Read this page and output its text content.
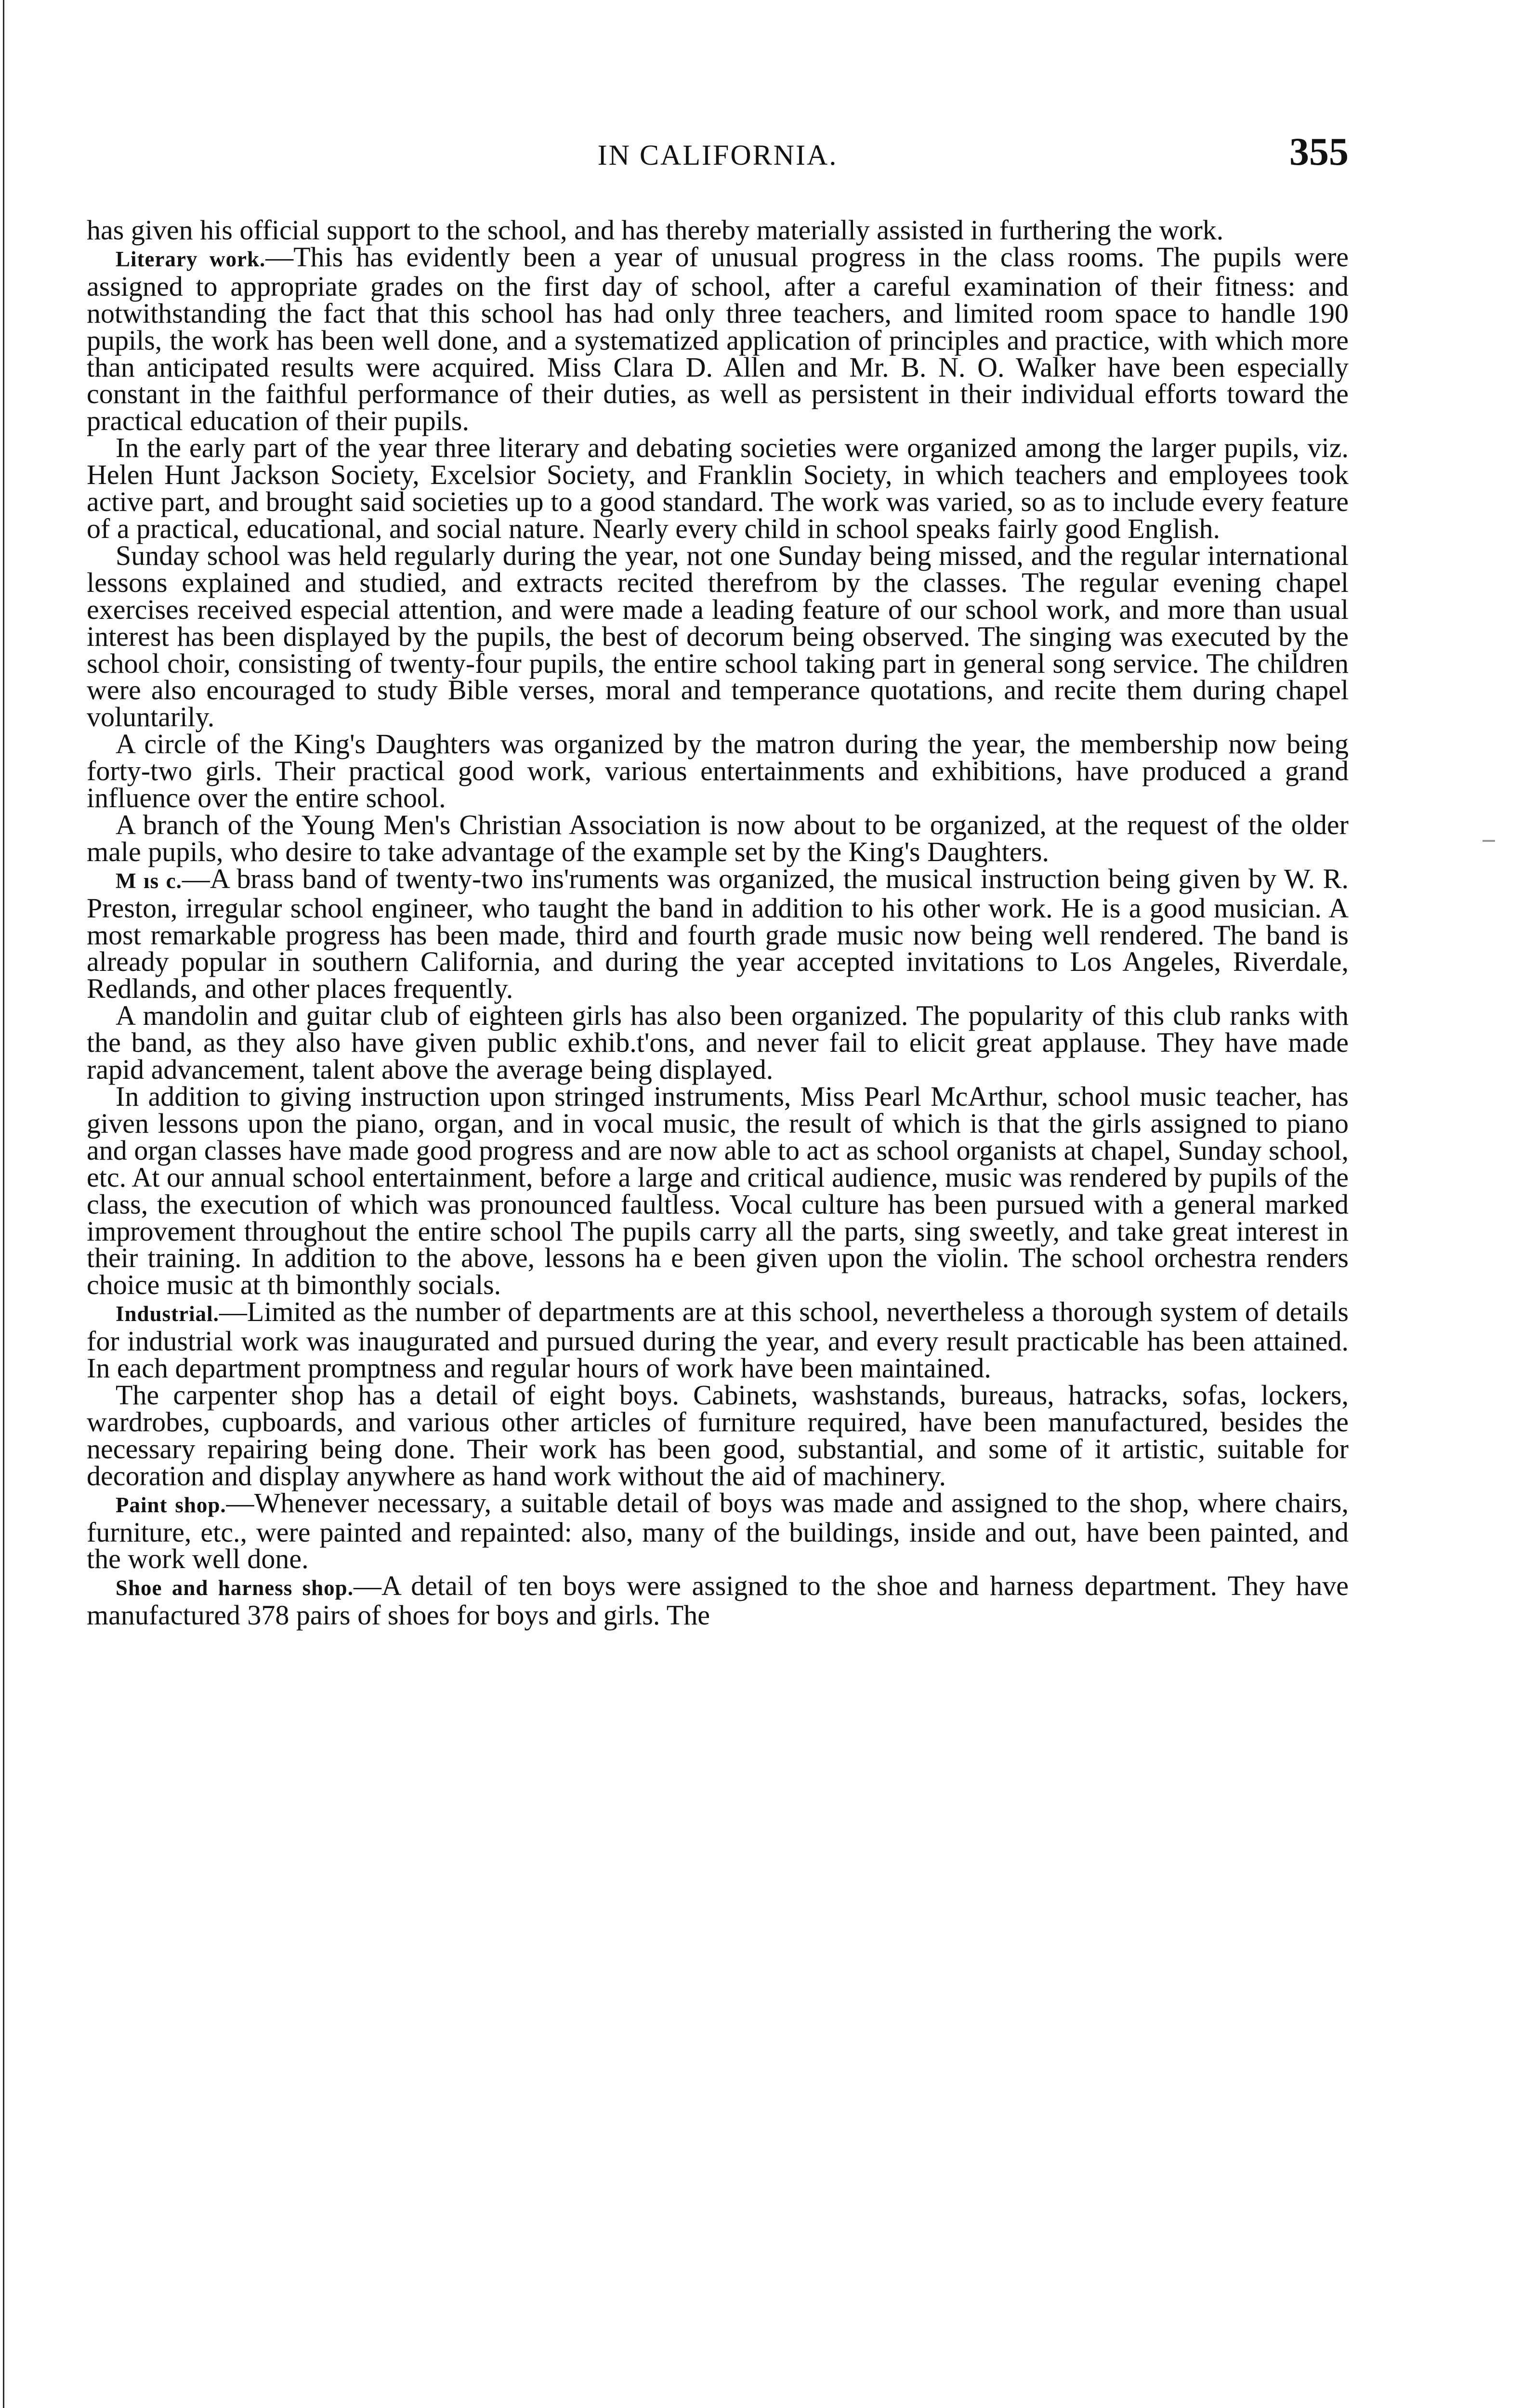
IN CALIFORNIA.	355

has given his official support to the school, and has thereby materially assisted in furthering the work.

Literary work.—This has evidently been a year of unusual progress in the class rooms. The pupils were assigned to appropriate grades on the first day of school, after a careful examination of their fitness: and notwithstanding the fact that this school has had only three teachers, and limited room space to handle 190 pupils, the work has been well done, and a systematized application of principles and practice, with which more than anticipated results were acquired. Miss Clara D. Allen and Mr. B. N. O. Walker have been especially constant in the faithful performance of their duties, as well as persistent in their individual efforts toward the practical education of their pupils.

In the early part of the year three literary and debating societies were organized among the larger pupils, viz. Helen Hunt Jackson Society, Excelsior Society, and Franklin Society, in which teachers and employees took active part, and brought said societies up to a good standard. The work was varied, so as to include every feature of a practical, educational, and social nature. Nearly every child in school speaks fairly good English.

Sunday school was held regularly during the year, not one Sunday being missed, and the regular international lessons explained and studied, and extracts recited therefrom by the classes. The regular evening chapel exercises received especial attention, and were made a leading feature of our school work, and more than usual interest has been displayed by the pupils, the best of decorum being observed. The singing was executed by the school choir, consisting of twenty-four pupils, the entire school taking part in general song service. The children were also encouraged to study Bible verses, moral and temperance quotations, and recite them during chapel voluntarily.

A circle of the King's Daughters was organized by the matron during the year, the membership now being forty-two girls. Their practical good work, various entertainments and exhibitions, have produced a grand influence over the entire school.

A branch of the Young Men's Christian Association is now about to be organized, at the request of the older male pupils, who desire to take advantage of the example set by the King's Daughters.

M ıs c.—A brass band of twenty-two ins'ruments was organized, the musical instruction being given by W. R. Preston, irregular school engineer, who taught the band in addition to his other work. He is a good musician. A most remarkable progress has been made, third and fourth grade music now being well rendered. The band is already popular in southern California, and during the year accepted invitations to Los Angeles, Riverdale, Redlands, and other places frequently.

A mandolin and guitar club of eighteen girls has also been organized. The popularity of this club ranks with the band, as they also have given public exhib.t'ons, and never fail to elicit great applause. They have made rapid advancement, talent above the average being displayed.

In addition to giving instruction upon stringed instruments, Miss Pearl McArthur, school music teacher, has given lessons upon the piano, organ, and in vocal music, the result of which is that the girls assigned to piano and organ classes have made good progress and are now able to act as school organists at chapel, Sunday school, etc. At our annual school entertainment, before a large and critical audience, music was rendered by pupils of the class, the execution of which was pronounced faultless. Vocal culture has been pursued with a general marked improvement throughout the entire school The pupils carry all the parts, sing sweetly, and take great interest in their training. In addition to the above, lessons ha e been given upon the violin. The school orchestra renders choice music at th bimonthly socials.

Industrial.—Limited as the number of departments are at this school, nevertheless a thorough system of details for industrial work was inaugurated and pursued during the year, and every result practicable has been attained. In each department promptness and regular hours of work have been maintained.

The carpenter shop has a detail of eight boys. Cabinets, washstands, bureaus, hatracks, sofas, lockers, wardrobes, cupboards, and various other articles of furniture required, have been manufactured, besides the necessary repairing being done. Their work has been good, substantial, and some of it artistic, suitable for decoration and display anywhere as hand work without the aid of machinery.

Paint shop.—Whenever necessary, a suitable detail of boys was made and assigned to the shop, where chairs, furniture, etc., were painted and repainted: also, many of the buildings, inside and out, have been painted, and the work well done.

Shoe and harness shop.—A detail of ten boys were assigned to the shoe and harness department. They have manufactured 378 pairs of shoes for boys and girls. The
